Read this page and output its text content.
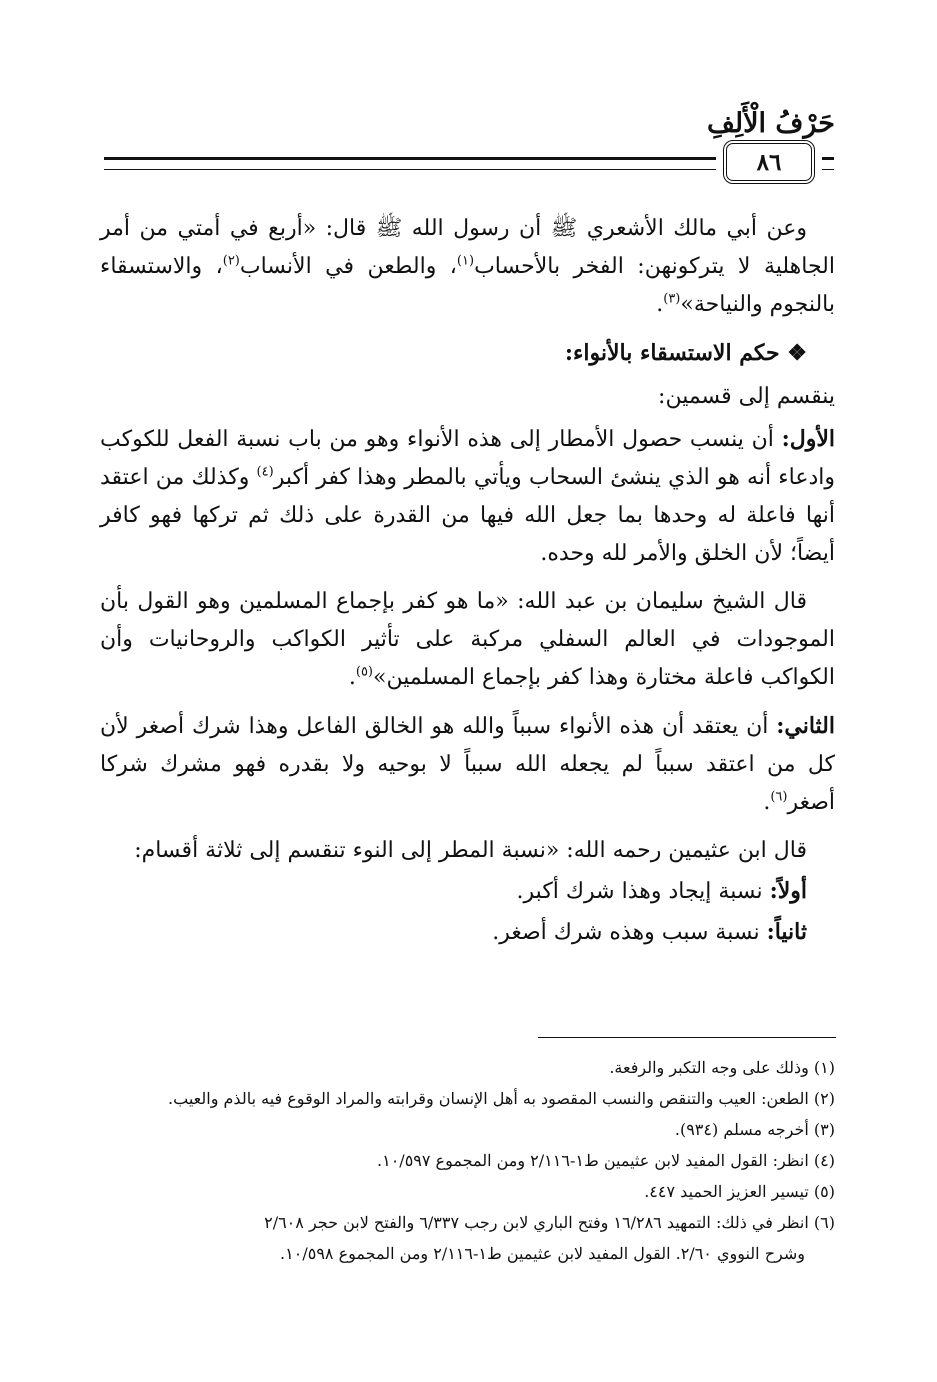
حَرْفُ الْأَلِفِ
٨٦

وعن أبي مالك الأشعري ﷺ أن رسول الله ﷺ قال: «أربع في أمتي من أمر الجاهلية لا يتركونهن: الفخر بالأحساب$^{(١)}$، والطعن في الأنساب$^{(٢)}$، والاستسقاء بالنجوم والنياحة»$^{(٣)}$.

❖ حكم الاستسقاء بالأنواء:

ينقسم إلى قسمين:

الأول: أن ينسب حصول الأمطار إلى هذه الأنواء وهو من باب نسبة الفعل للكوكب وادعاء أنه هو الذي ينشئ السحاب ويأتي بالمطر وهذا كفر أكبر$^{(٤)}$ وكذلك من اعتقد أنها فاعلة له وحدها بما جعل الله فيها من القدرة على ذلك ثم تركها فهو كافر أيضاً؛ لأن الخلق والأمر لله وحده.

قال الشيخ سليمان بن عبد الله: «ما هو كفر بإجماع المسلمين وهو القول بأن الموجودات في العالم السفلي مركبة على تأثير الكواكب والروحانيات وأن الكواكب فاعلة مختارة وهذا كفر بإجماع المسلمين»$^{(٥)}$.

الثاني: أن يعتقد أن هذه الأنواء سبباً والله هو الخالق الفاعل وهذا شرك أصغر لأن كل من اعتقد سبباً لم يجعله الله سبباً لا بوحيه ولا بقدره فهو مشرك شركا أصغر$^{(٦)}$.

قال ابن عثيمين رحمه الله: «نسبة المطر إلى النوء تنقسم إلى ثلاثة أقسام:

أولاً: نسبة إيجاد وهذا شرك أكبر.

ثانياً: نسبة سبب وهذه شرك أصغر.

(١) وذلك على وجه التكبر والرفعة.
(٢) الطعن: العيب والتنقص والنسب المقصود به أهل الإنسان وقرابته والمراد الوقوع فيه بالذم والعيب.
(٣) أخرجه مسلم (٩٣٤).
(٤) انظر: القول المفيد لابن عثيمين ط١-٢/١١٦ ومن المجموع ١٠/٥٩٧.
(٥) تيسير العزيز الحميد ٤٤٧.
(٦) انظر في ذلك: التمهيد ١٦/٢٨٦ وفتح الباري لابن رجب ٦/٣٣٧ والفتح لابن حجر ٢/٦٠٨
وشرح النووي ٢/٦٠. القول المفيد لابن عثيمين ط١-٢/١١٦ ومن المجموع ١٠/٥٩٨.
